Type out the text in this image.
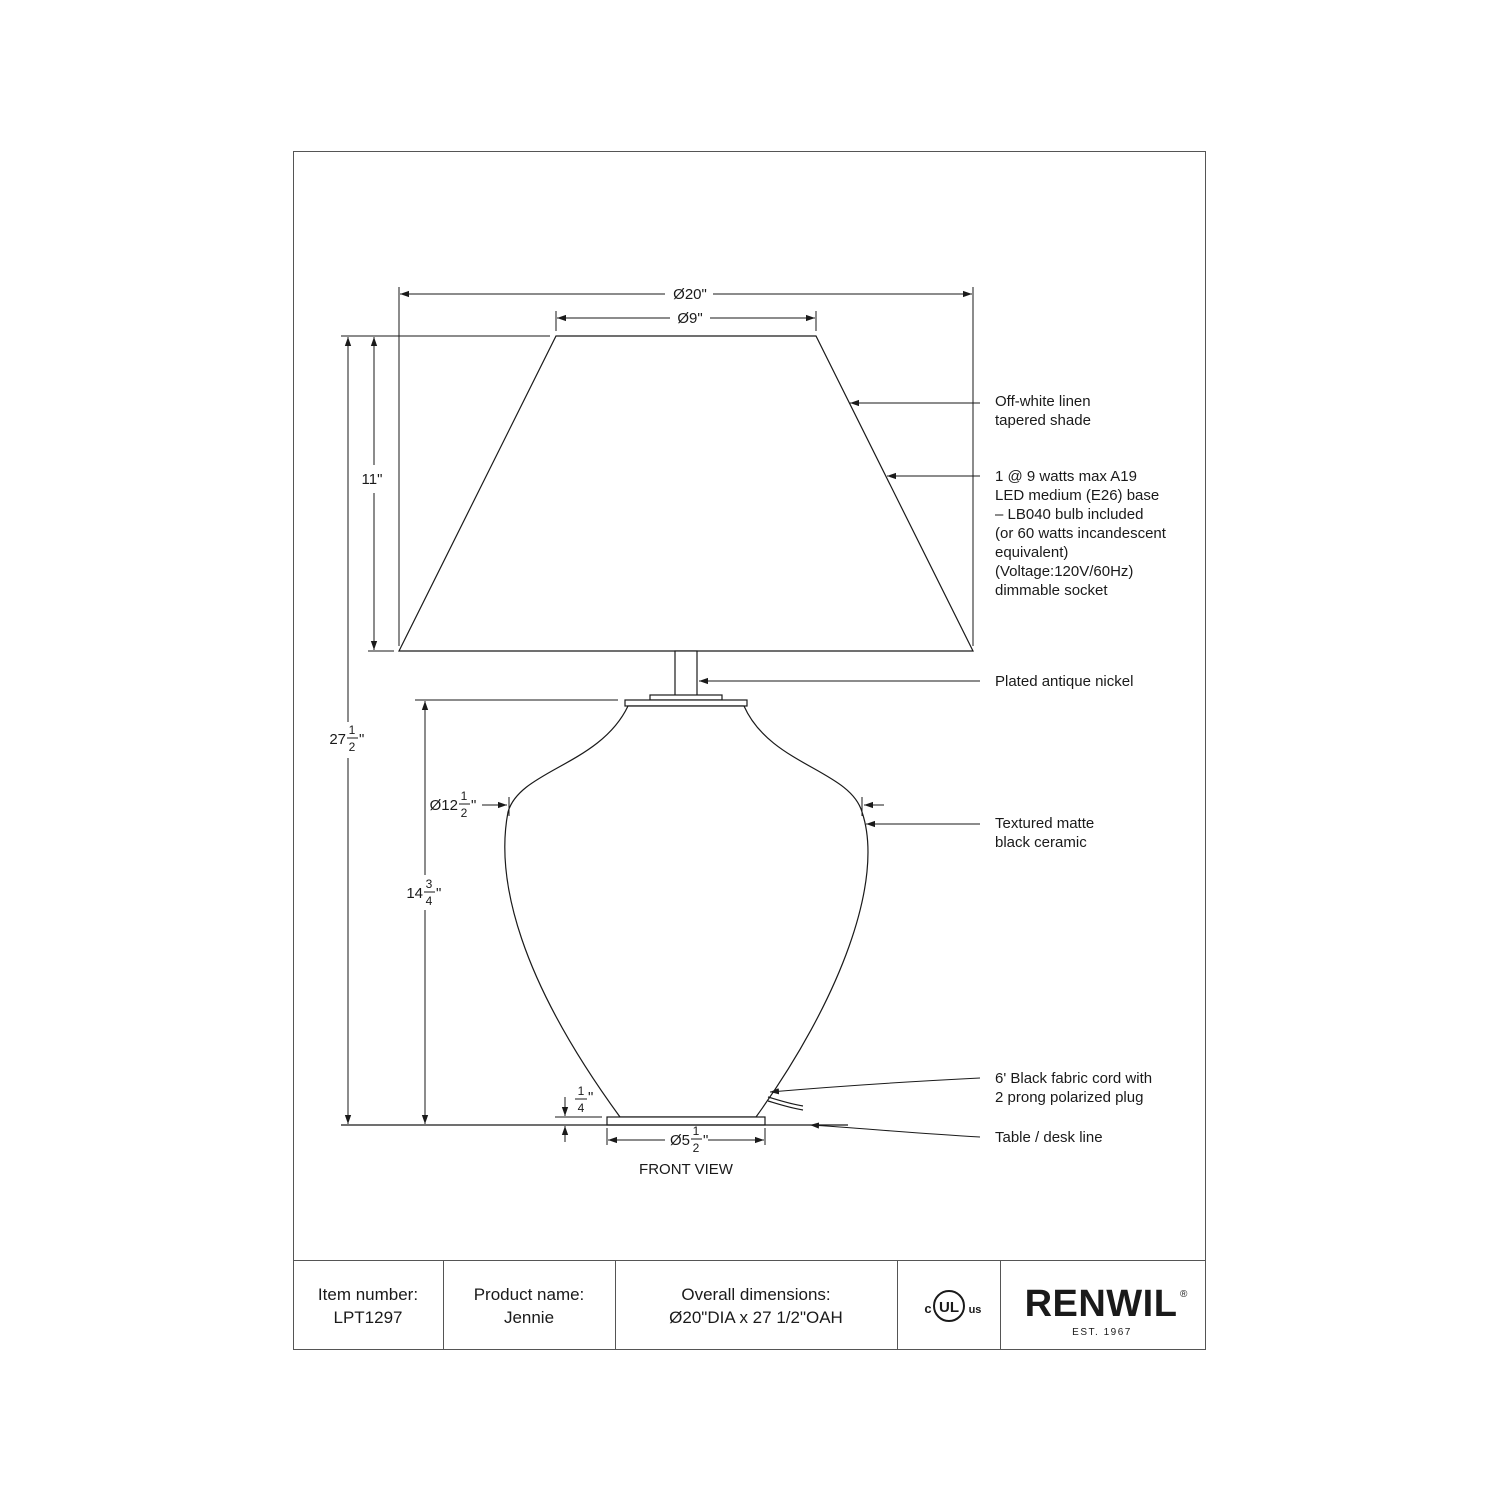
Ø20"
Ø9"
11"
27
1
2 "
14
3
4 "
Ø12
1
2 "
Ø5
1
2 "
1
4
"
FRONT VIEW
Off-white linen tapered shade
1 @ 9 watts max A19 LED medium (E26) base – LB040 bulb included (or 60 watts incandescent equivalent) (Voltage:120V/60Hz) dimmable socket
Plated antique nickel
Textured matte black ceramic
6' Black fabric cord with 2 prong polarized plug
Table / desk line
Item number:
LPT1297
Product name:
Jennie
Overall dimensions:
Ø20"DIA x 27 1/2"OAH
UL
c	us RENWIL ®
EST. 1967
